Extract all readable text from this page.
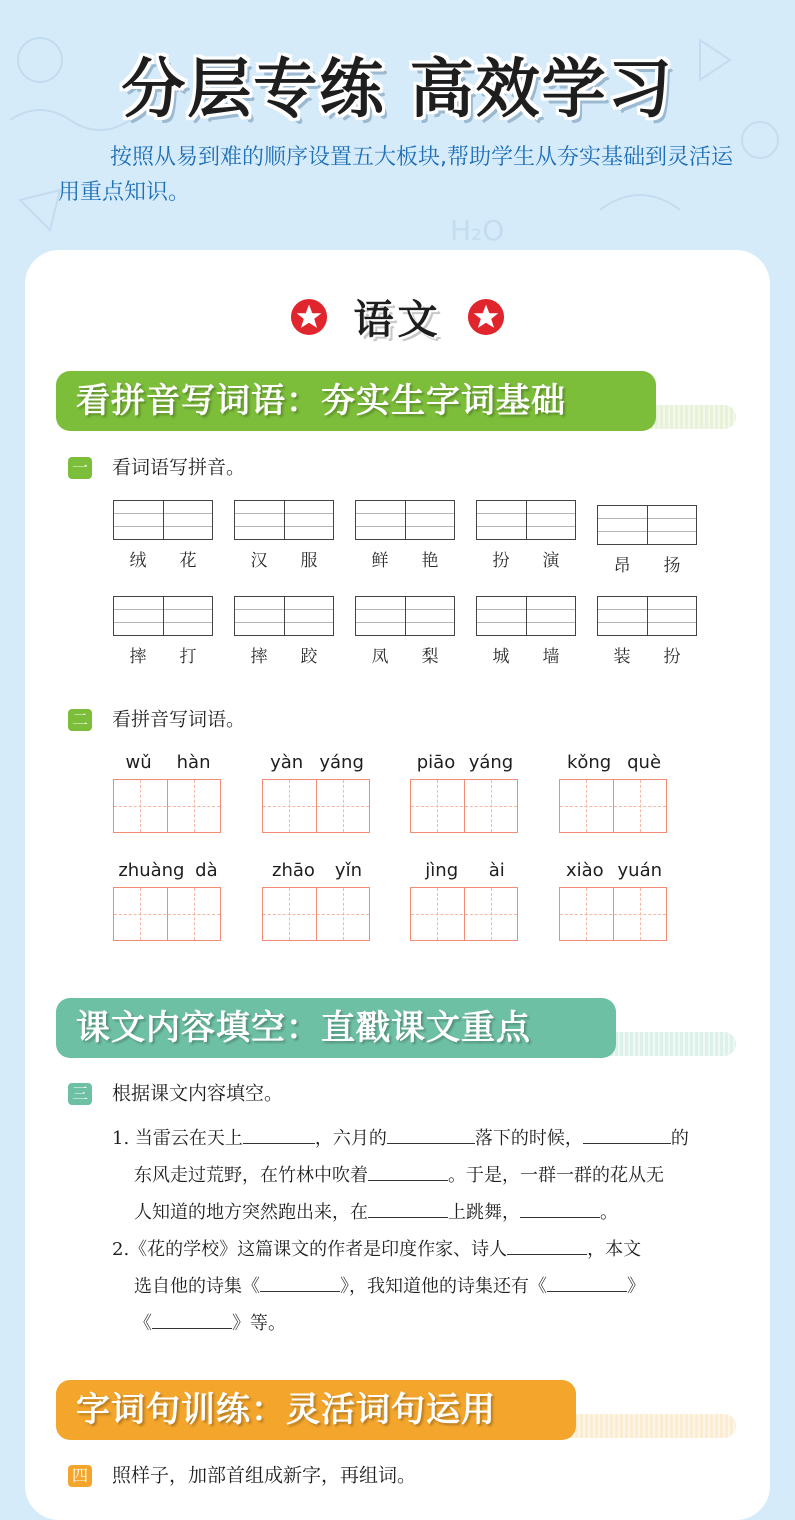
H₂O
分层专练 高效学习
按照从易到难的顺序设置五大板块,帮助学生从夯实基础到灵活运用重点知识。
语文
看拼音写词语：夯实生字词基础
一 看词语写拼音。
绒 花	汉 服	鲜 艳	扮 演	昂 扬
摔 打	摔 跤	凤 梨	城 墙	装 扮
二 看拼音写词语。
wǔ hàn	yàn yáng	piāo yáng	kǒng què
zhuàng dà	zhāo yǐn	jìng ài	xiào yuán
课文内容填空：直戳课文重点
三 根据课文内容填空。
1. 当雷云在天上	，六月的	落下的时候，	的
东风走过荒野，在竹林中吹着	。于是，一群一群的花从无
人知道的地方突然跑出来，在	上跳舞，	。
2.《花的学校》这篇课文的作者是印度作家、诗人	，本文
选自他的诗集《	》，我知道他的诗集还有《	》
《	》等。
字词句训练：灵活词句运用
四 照样子，加部首组成新字，再组词。
